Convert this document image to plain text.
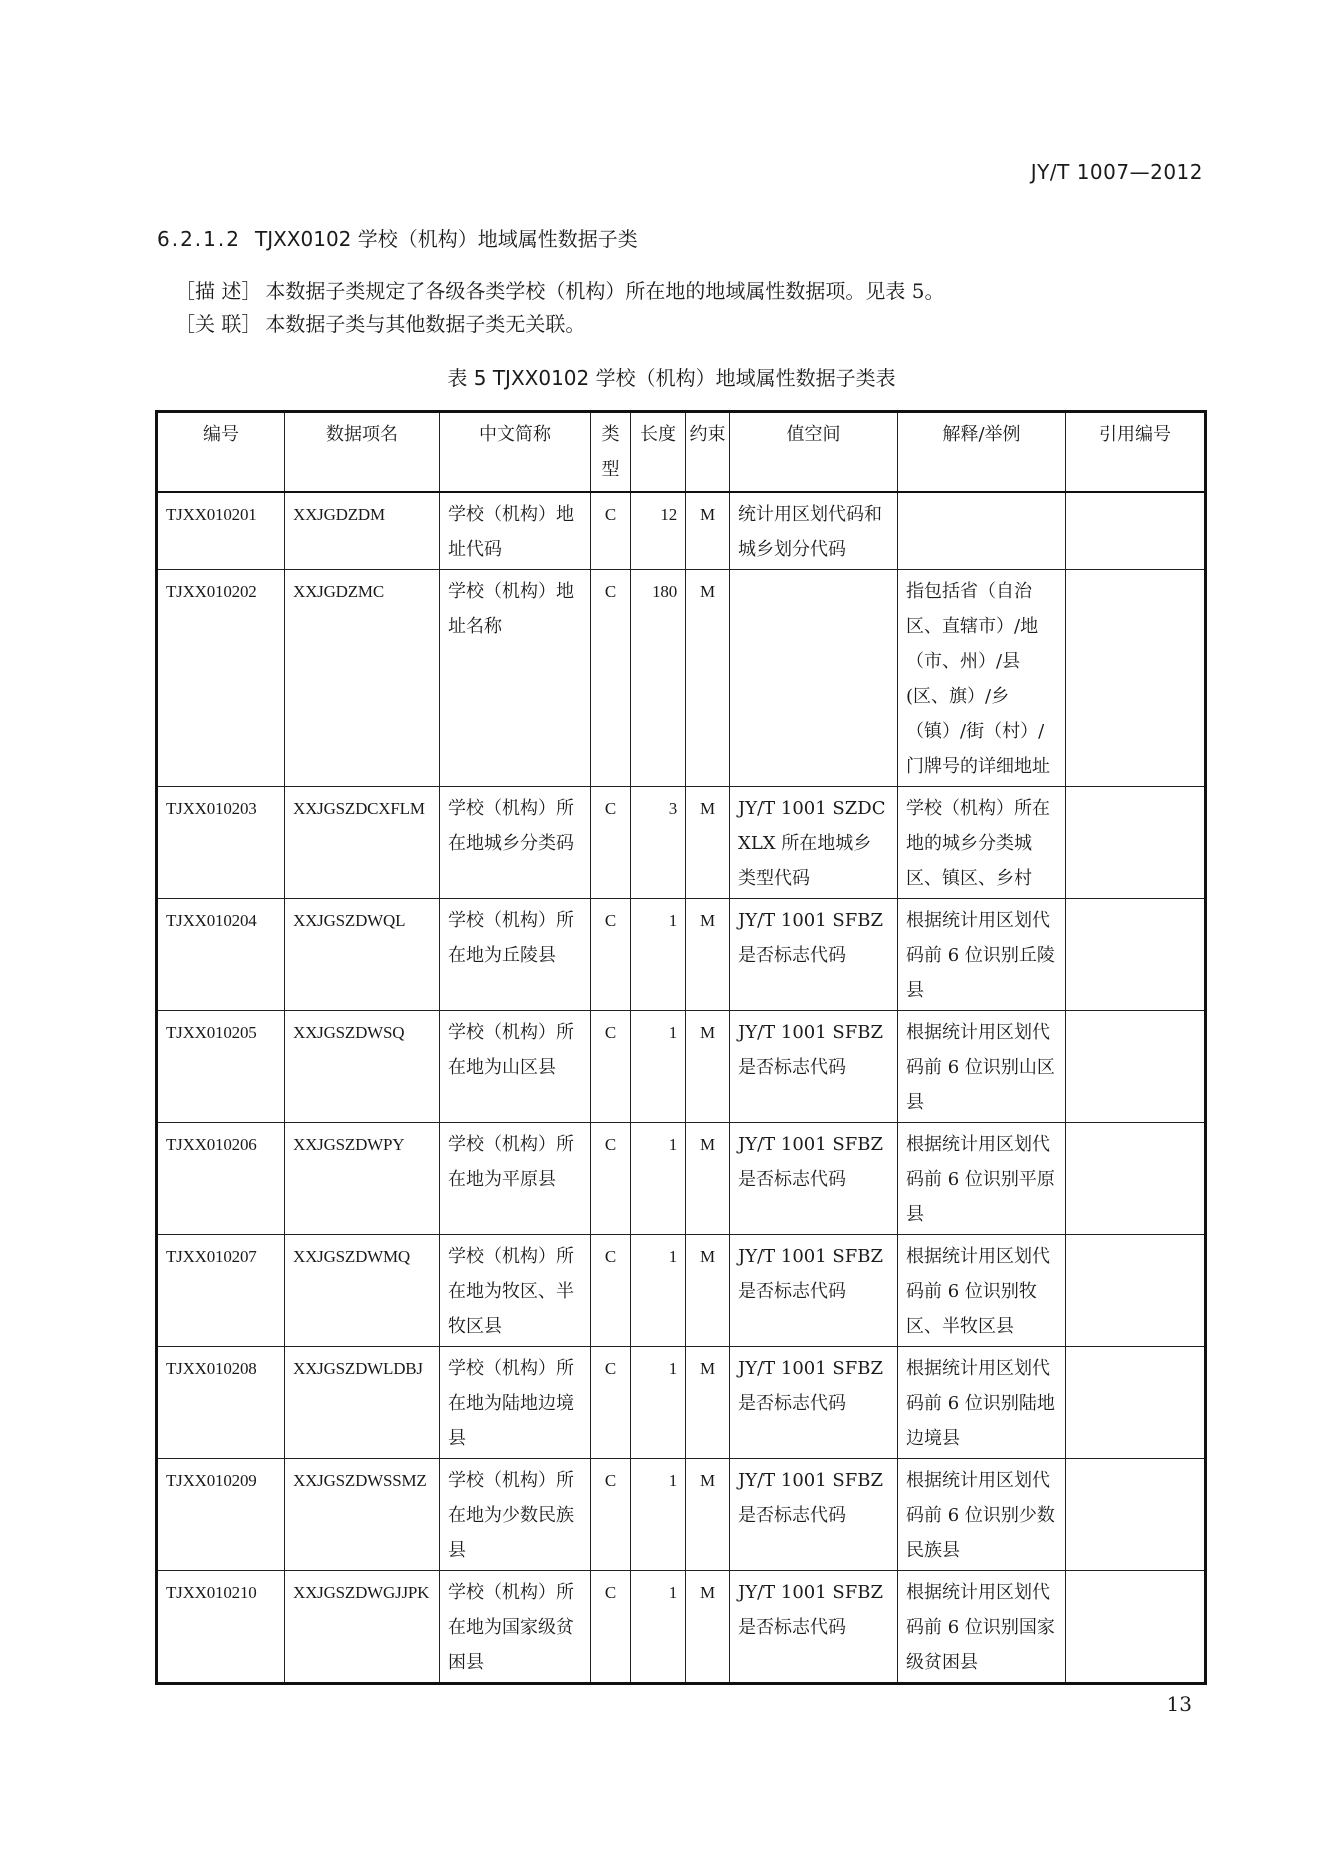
JY/T 1007—2012
6.2.1.2 TJXX0102 学校（机构）地域属性数据子类
［描 述］ 本数据子类规定了各级各类学校（机构）所在地的地域属性数据项。见表 5。
［关 联］ 本数据子类与其他数据子类无关联。
表 5 TJXX0102 学校（机构）地域属性数据子类表
编号	数据项名	中文简称	类型	长度	约束	值空间	解释/举例	引用编号
TJXX010201	XXJGDZDM	学校（机构）地址代码	C	12	M	统计用区划代码和城乡划分代码		
TJXX010202	XXJGDZMC	学校（机构）地址名称	C	180	M		指包括省（自治区、直辖市）/地（市、州）/县(区、旗）/乡（镇）/街（村）/门牌号的详细地址	
TJXX010203	XXJGSZDCXFLM	学校（机构）所在地城乡分类码	C	3	M	JY/T 1001 SZDCXLX 所在地城乡类型代码	学校（机构）所在地的城乡分类城区、镇区、乡村	
TJXX010204	XXJGSZDWQL	学校（机构）所在地为丘陵县	C	1	M	JY/T 1001 SFBZ 是否标志代码	根据统计用区划代码前 6 位识别丘陵县	
TJXX010205	XXJGSZDWSQ	学校（机构）所在地为山区县	C	1	M	JY/T 1001 SFBZ 是否标志代码	根据统计用区划代码前 6 位识别山区县	
TJXX010206	XXJGSZDWPY	学校（机构）所在地为平原县	C	1	M	JY/T 1001 SFBZ 是否标志代码	根据统计用区划代码前 6 位识别平原县	
TJXX010207	XXJGSZDWMQ	学校（机构）所在地为牧区、半牧区县	C	1	M	JY/T 1001 SFBZ 是否标志代码	根据统计用区划代码前 6 位识别牧区、半牧区县	
TJXX010208	XXJGSZDWLDBJ	学校（机构）所在地为陆地边境县	C	1	M	JY/T 1001 SFBZ 是否标志代码	根据统计用区划代码前 6 位识别陆地边境县	
TJXX010209	XXJGSZDWSSMZ	学校（机构）所在地为少数民族县	C	1	M	JY/T 1001 SFBZ 是否标志代码	根据统计用区划代码前 6 位识别少数民族县	
TJXX010210	XXJGSZDWGJJPK	学校（机构）所在地为国家级贫困县	C	1	M	JY/T 1001 SFBZ 是否标志代码	根据统计用区划代码前 6 位识别国家级贫困县	
13
